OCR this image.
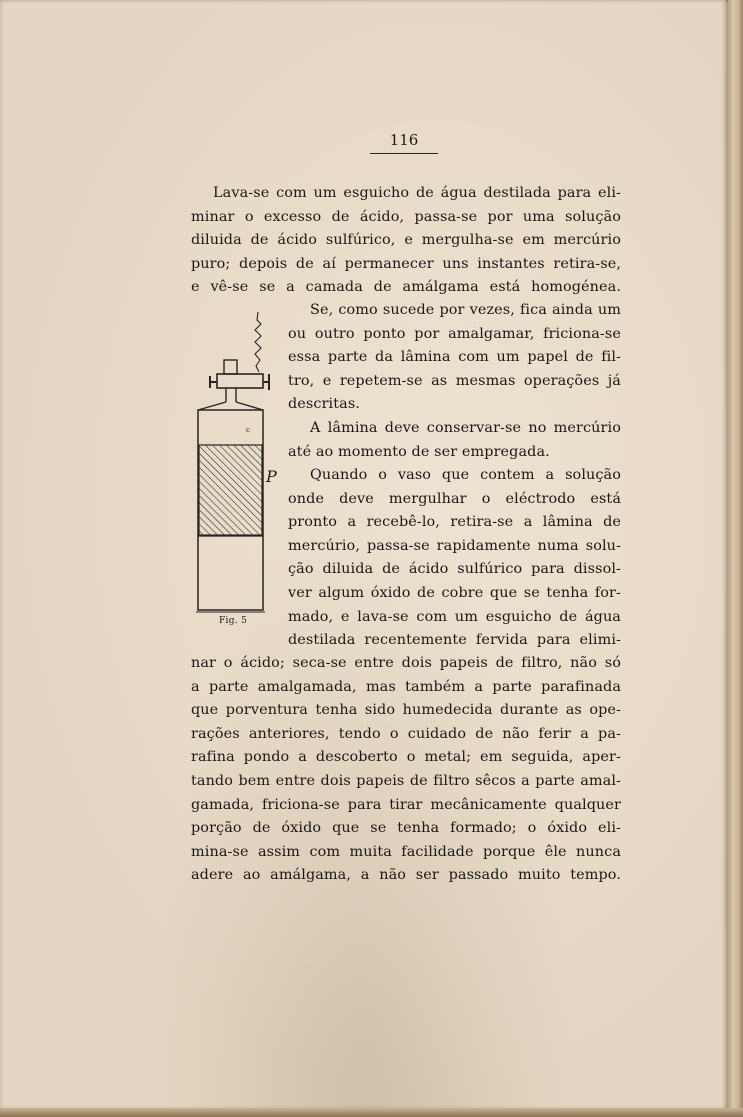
116

Lava-se com um esguicho de água destilada para eli-
minar o excesso de ácido, passa-se por uma solução
diluida de ácido sulfúrico, e mergulha-se em mercúrio
puro; depois de aí permanecer uns instantes retira-se,
e vê-se se a camada de amálgama está homogénea.

Se, como sucede por vezes, fica ainda um
ou outro ponto por amalgamar, friciona-se
essa parte da lâmina com um papel de fil-
tro, e repetem-se as mesmas operações já
descritas.

A lâmina deve conservar-se no mercúrio
até ao momento de ser empregada.

Quando o vaso que contem a solução
onde deve mergulhar o eléctrodo está
pronto a recebê-lo, retira-se a lâmina de
mercúrio, passa-se rapidamente numa solu-
ção diluida de ácido sulfúrico para dissol-
ver algum óxido de cobre que se tenha for-
mado, e lava-se com um esguicho de água
destilada recentemente fervida para elimi-

nar o ácido; seca-se entre dois papeis de filtro, não só
a parte amalgamada, mas também a parte parafinada
que porventura tenha sido humedecida durante as ope-
rações anteriores, tendo o cuidado de não ferir a pa-
rafina pondo a descoberto o metal; em seguida, aper-
tando bem entre dois papeis de filtro sêcos a parte amal-
gamada, friciona-se para tirar mecânicamente qualquer
porção de óxido que se tenha formado; o óxido eli-
mina-se assim com muita facilidade porque êle nunca
adere ao amálgama, a não ser passado muito tempo.

c
P
Fig. 5
